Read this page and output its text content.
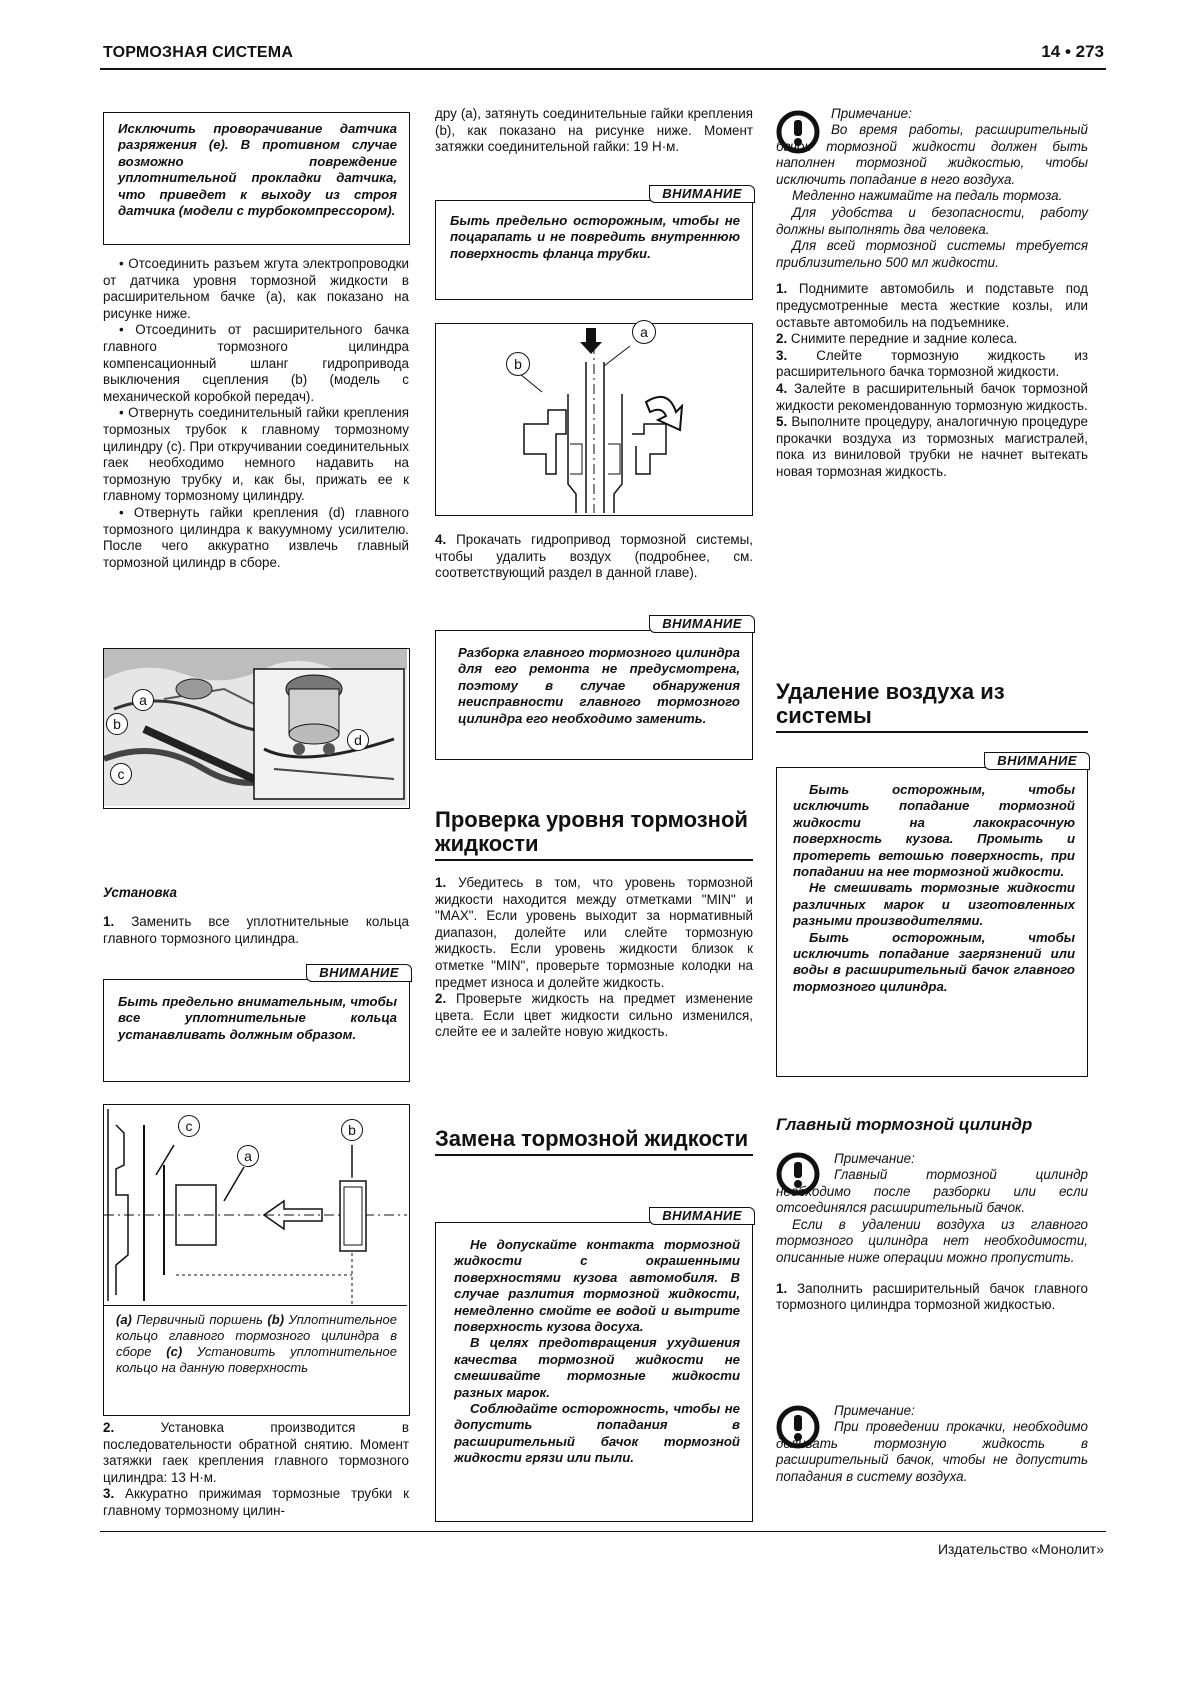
ТОРМОЗНАЯ СИСТЕМА	14 • 273

Исключить проворачивание датчика разряжения (е). В противном случае возможно повреждение уплотнительной прокладки датчика, что приведет к выходу из строя датчика (модели с турбокомпрессором).

• Отсоединить разъем жгута электропроводки от датчика уровня тормозной жидкости в расширительном бачке (а), как показано на рисунке ниже.

• Отсоединить от расширительного бачка главного тормозного цилиндра компенсационный шланг гидропривода выключения сцепления (b) (модель с механической коробкой передач).

• Отвернуть соединительный гайки крепления тормозных трубок к главному тормозному цилиндру (с). При откручивании соединительных гаек необходимо немного надавить на тормозную трубку и, как бы, прижать ее к главному тормозному цилиндру.

• Отвернуть гайки крепления (d) главного тормозного цилиндра к вакуумному усилителю. После чего аккуратно извлечь главный тормозной цилиндр в сборе.

a
b
c
d
Установка

1. Заменить все уплотнительные кольца главного тормозного цилиндра.

ВНИМАНИЕ

Быть предельно внимательным, чтобы все уплотнительные кольца устанавливать должным образом.

c
a
b

(a) Первичный поршень (b) Уплотнительное кольцо главного тормозного цилиндра в сборе (c) Установить уплотнительное кольцо на данную поверхность

2.	Установка производится в последовательности обратной снятию. Момент затяжки гаек крепления главного тормозного цилиндра: 13 Н·м.

3. Аккуратно прижимая тормозные трубки к главному тормозному цилин-

дру (а), затянуть соединительные гайки крепления (b), как показано на рисунке ниже. Момент затяжки соединительной гайки: 19 Н·м.

ВНИМАНИЕ

Быть предельно осторожным, чтобы не поцарапать и не повредить внутреннюю поверхность фланца трубки.

a
b

4. Прокачать гидропривод тормозной системы, чтобы удалить воздух (подробнее, см. соответствующий раздел в данной главе).

ВНИМАНИЕ

Разборка главного тормозного цилиндра для его ремонта не предусмотрена, поэтому в случае обнаружения неисправности главного тормозного цилиндра его необходимо заменить.

Проверка уровня тормозной жидкости

1. Убедитесь в том, что уровень тормозной жидкости находится между отметками "MIN" и "MAX". Если уровень выходит за нормативный диапазон, долейте или слейте тормозную жидкость. Если уровень жидкости близок к отметке "MIN", проверьте тормозные колодки на предмет износа и долейте жидкость.

2. Проверьте жидкость на предмет изменение цвета. Если цвет жидкости сильно изменился, слейте ее и залейте новую жидкость.

Замена тормозной жидкости
ВНИМАНИЕ

Не допускайте контакта тормозной жидкости с окрашенными поверхностями кузова автомобиля. В случае разлития тормозной жидкости, немедленно смойте ее водой и вытрите поверхность кузова досуха.

В целях предотвращения ухудшения качества тормозной жидкости не смешивайте тормозные жидкости разных марок.

Соблюдайте осторожность, чтобы не допустить попадания в расширительный бачок тормозной жидкости грязи или пыли.

Примечание:

Во время работы, расширительный бачок тормозной жидкости должен быть наполнен тормозной жидкостью, чтобы исключить попадание в него воздуха.

Медленно нажимайте на педаль тормоза.

Для удобства и безопасности, работу должны выполнять два человека.

Для всей тормозной системы требуется приблизительно 500 мл жидкости.

1. Поднимите автомобиль и подставьте под предусмотренные места жесткие козлы, или оставьте автомобиль на подъемнике.

2. Снимите передние и задние колеса.

3. Слейте тормозную жидкость из расширительного бачка тормозной жидкости.

4. Залейте в расширительный бачок тормозной жидкости рекомендованную тормозную жидкость.

5. Выполните процедуру, аналогичную процедуре прокачки воздуха из тормозных магистралей, пока из виниловой трубки не начнет вытекать новая тормозная жидкость.

Удаление воздуха из системы
ВНИМАНИЕ

Быть осторожным, чтобы исключить попадание тормозной жидкости на лакокрасочную поверхность кузова. Промыть и протереть ветошью поверхность, при попадании на нее тормозной жидкости.

Не смешивать тормозные жидкости различных марок и изготовленных разными производителями.

Быть осторожным, чтобы исключить попадание загрязнений или воды в расширительный бачок главного тормозного цилиндра.

Главный тормозной цилиндр
Примечание:

Главный тормозной цилиндр необходимо после разборки или если отсоединялся расширительный бачок.

Если в удалении воздуха из главного тормозного цилиндра нет необходимости, описанные ниже операции можно пропустить.

1. Заполнить расширительный бачок главного тормозного цилиндра тормозной жидкостью.

Примечание:

При проведении прокачки, необходимо доливать тормозную жидкость в расширительный бачок, чтобы не допустить попадания в систему воздуха.

Издательство «Монолит»
